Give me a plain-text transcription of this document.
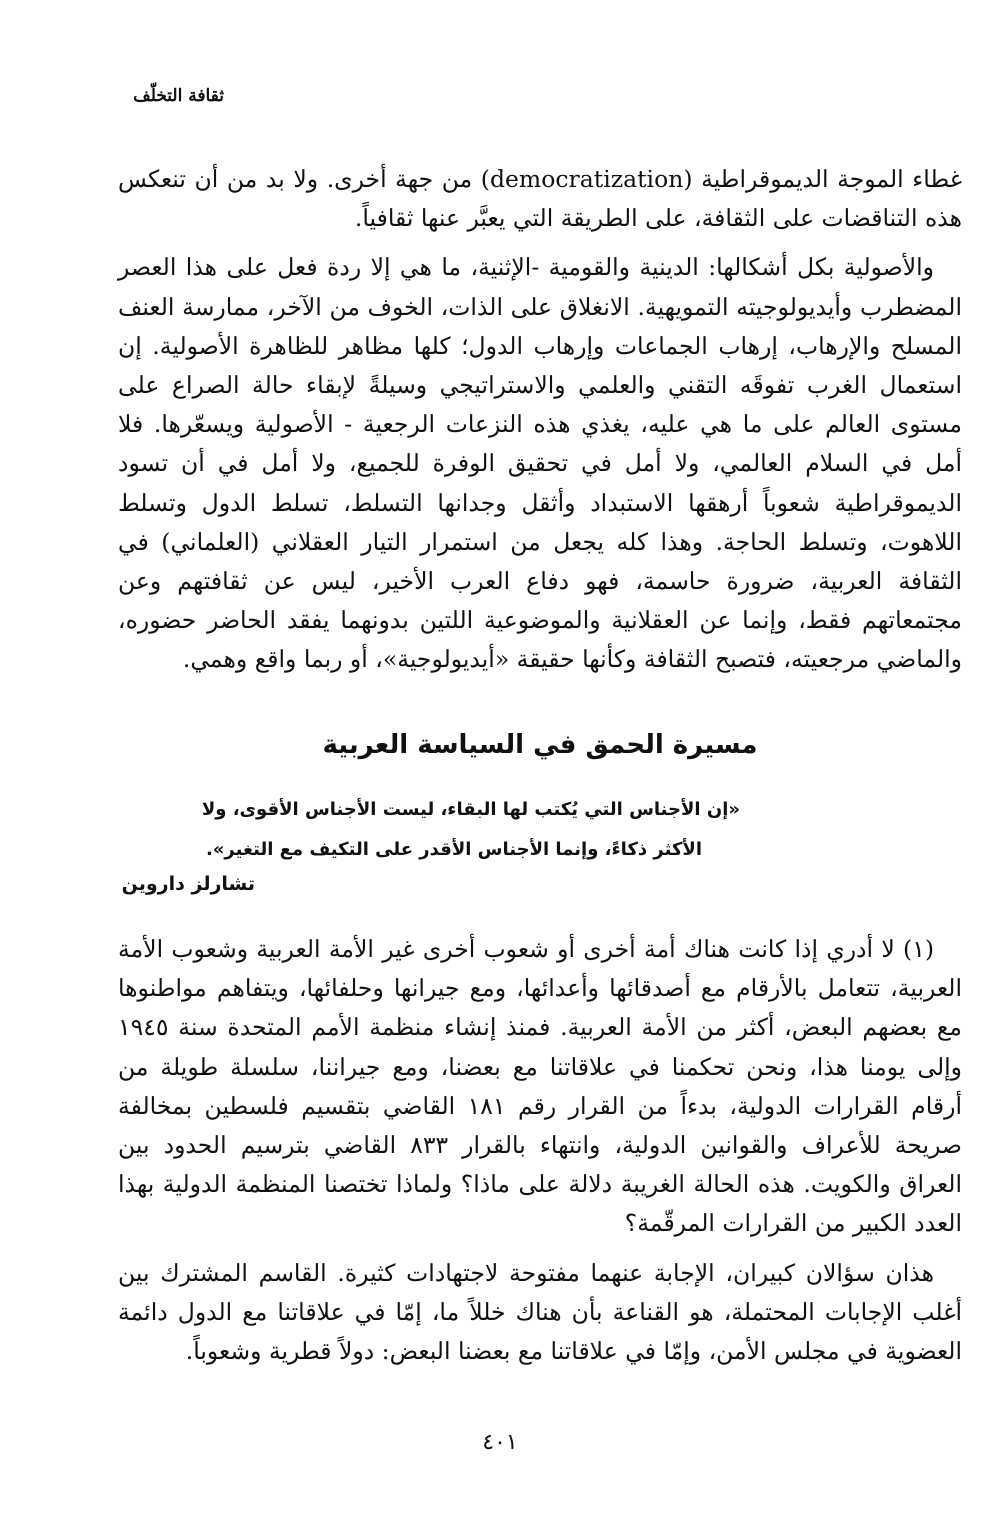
ثقافة التخلّف

غطاء الموجة الديموقراطية (democratization) من جهة أخرى. ولا بد من أن تنعكس هذه التناقضات على الثقافة، على الطريقة التي يعبَّر عنها ثقافياً.

والأصولية بكل أشكالها: الدينية والقومية -الإثنية، ما هي إلا ردة فعل على هذا العصر المضطرب وأيديولوجيته التمويهية. الانغلاق على الذات، الخوف من الآخر، ممارسة العنف المسلح والإرهاب، إرهاب الجماعات وإرهاب الدول؛ كلها مظاهر للظاهرة الأصولية. إن استعمال الغرب تفوقَه التقني والعلمي والاستراتيجي وسيلةً لإبقاء حالة الصراع على مستوى العالم على ما هي عليه، يغذي هذه النزعات الرجعية - الأصولية ويسعّرها. فلا أمل في السلام العالمي، ولا أمل في تحقيق الوفرة للجميع، ولا أمل في أن تسود الديموقراطية شعوباً أرهقها الاستبداد وأثقل وجدانها التسلط، تسلط الدول وتسلط اللاهوت، وتسلط الحاجة. وهذا كله يجعل من استمرار التيار العقلاني (العلماني) في الثقافة العربية، ضرورة حاسمة، فهو دفاع العرب الأخير، ليس عن ثقافتهم وعن مجتمعاتهم فقط، وإنما عن العقلانية والموضوعية اللتين بدونهما يفقد الحاضر حضوره، والماضي مرجعيته، فتصبح الثقافة وكأنها حقيقة «أيديولوجية»، أو ربما واقع وهمي.

مسيرة الحمق في السياسة العربية
«إن الأجناس التي يُكتب لها البقاء، ليست الأجناس الأقوى، ولا
الأكثر ذكاءً، وإنما الأجناس الأقدر على التكيف مع التغير».
تشارلز داروين

(١) لا أدري إذا كانت هناك أمة أخرى أو شعوب أخرى غير الأمة العربية وشعوب الأمة العربية، تتعامل بالأرقام مع أصدقائها وأعدائها، ومع جيرانها وحلفائها، ويتفاهم مواطنوها مع بعضهم البعض، أكثر من الأمة العربية. فمنذ إنشاء منظمة الأمم المتحدة سنة ١٩٤٥ وإلى يومنا هذا، ونحن تحكمنا في علاقاتنا مع بعضنا، ومع جيراننا، سلسلة طويلة من أرقام القرارات الدولية، بدءاً من القرار رقم ١٨١ القاضي بتقسيم فلسطين بمخالفة صريحة للأعراف والقوانين الدولية، وانتهاء بالقرار ٨٣٣ القاضي بترسيم الحدود بين العراق والكويت. هذه الحالة الغريبة دلالة على ماذا؟ ولماذا تختصنا المنظمة الدولية بهذا العدد الكبير من القرارات المرقّمة؟

هذان سؤالان كبيران، الإجابة عنهما مفتوحة لاجتهادات كثيرة. القاسم المشترك بين أغلب الإجابات المحتملة، هو القناعة بأن هناك خللاً ما، إمّا في علاقاتنا مع الدول دائمة العضوية في مجلس الأمن، وإمّا في علاقاتنا مع بعضنا البعض: دولاً قطرية وشعوباً.

٤٠١
